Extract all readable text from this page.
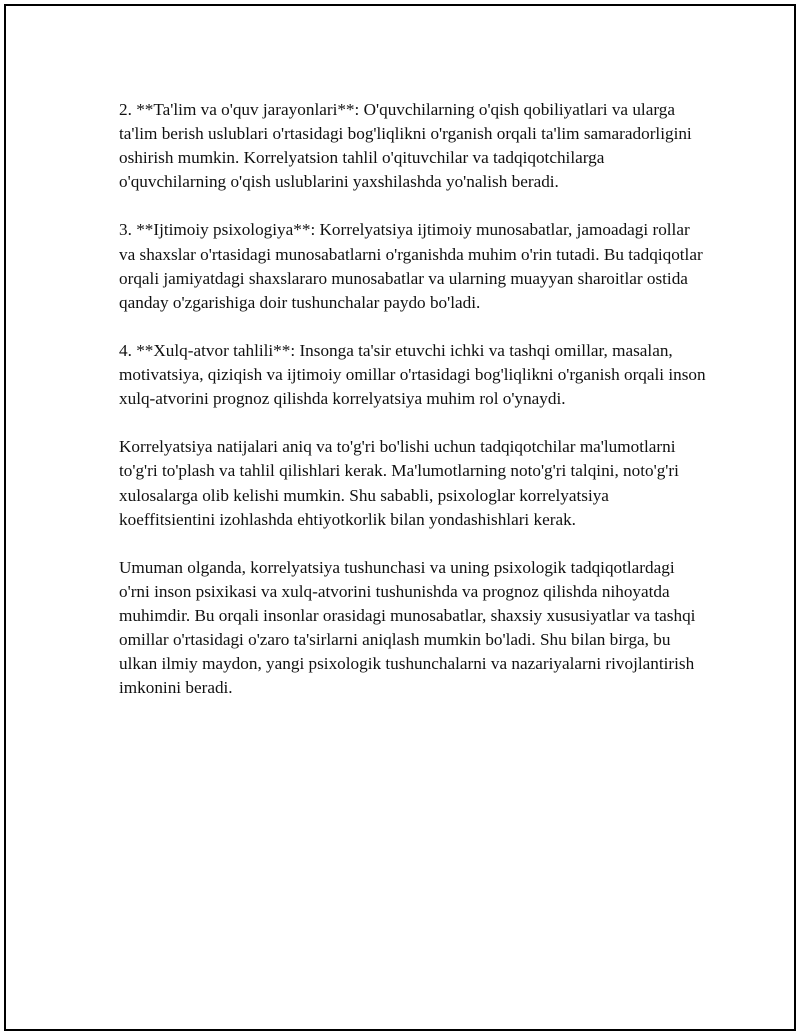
2. **Ta'lim va o'quv jarayonlari**: O'quvchilarning o'qish qobiliyatlari va ularga ta'lim berish uslublari o'rtasidagi bog'liqlikni o'rganish orqali ta'lim samaradorligini oshirish mumkin. Korrelyatsion tahlil o'qituvchilar va tadqiqotchilarga o'quvchilarning o'qish uslublarini yaxshilashda yo'nalish beradi.

3. **Ijtimoiy psixologiya**: Korrelyatsiya ijtimoiy munosabatlar, jamoadagi rollar va shaxslar o'rtasidagi munosabatlarni o'rganishda muhim o'rin tutadi. Bu tadqiqotlar orqali jamiyatdagi shaxslararo munosabatlar va ularning muayyan sharoitlar ostida qanday o'zgarishiga doir tushunchalar paydo bo'ladi.

4. **Xulq-atvor tahlili**: Insonga ta'sir etuvchi ichki va tashqi omillar, masalan, motivatsiya, qiziqish va ijtimoiy omillar o'rtasidagi bog'liqlikni o'rganish orqali inson xulq-atvorini prognoz qilishda korrelyatsiya muhim rol o'ynaydi.

Korrelyatsiya natijalari aniq va to'g'ri bo'lishi uchun tadqiqotchilar ma'lumotlarni to'g'ri to'plash va tahlil qilishlari kerak. Ma'lumotlarning noto'g'ri talqini, noto'g'ri xulosalarga olib kelishi mumkin. Shu sababli, psixologlar korrelyatsiya koeffitsientini izohlashda ehtiyotkorlik bilan yondashishlari kerak.

Umuman olganda, korrelyatsiya tushunchasi va uning psixologik tadqiqotlardagi o'rni inson psixikasi va xulq-atvorini tushunishda va prognoz qilishda nihoyatda muhimdir. Bu orqali insonlar orasidagi munosabatlar, shaxsiy xususiyatlar va tashqi omillar o'rtasidagi o'zaro ta'sirlarni aniqlash mumkin bo'ladi. Shu bilan birga, bu ulkan ilmiy maydon, yangi psixologik tushunchalarni va nazariyalarni rivojlantirish imkonini beradi.
